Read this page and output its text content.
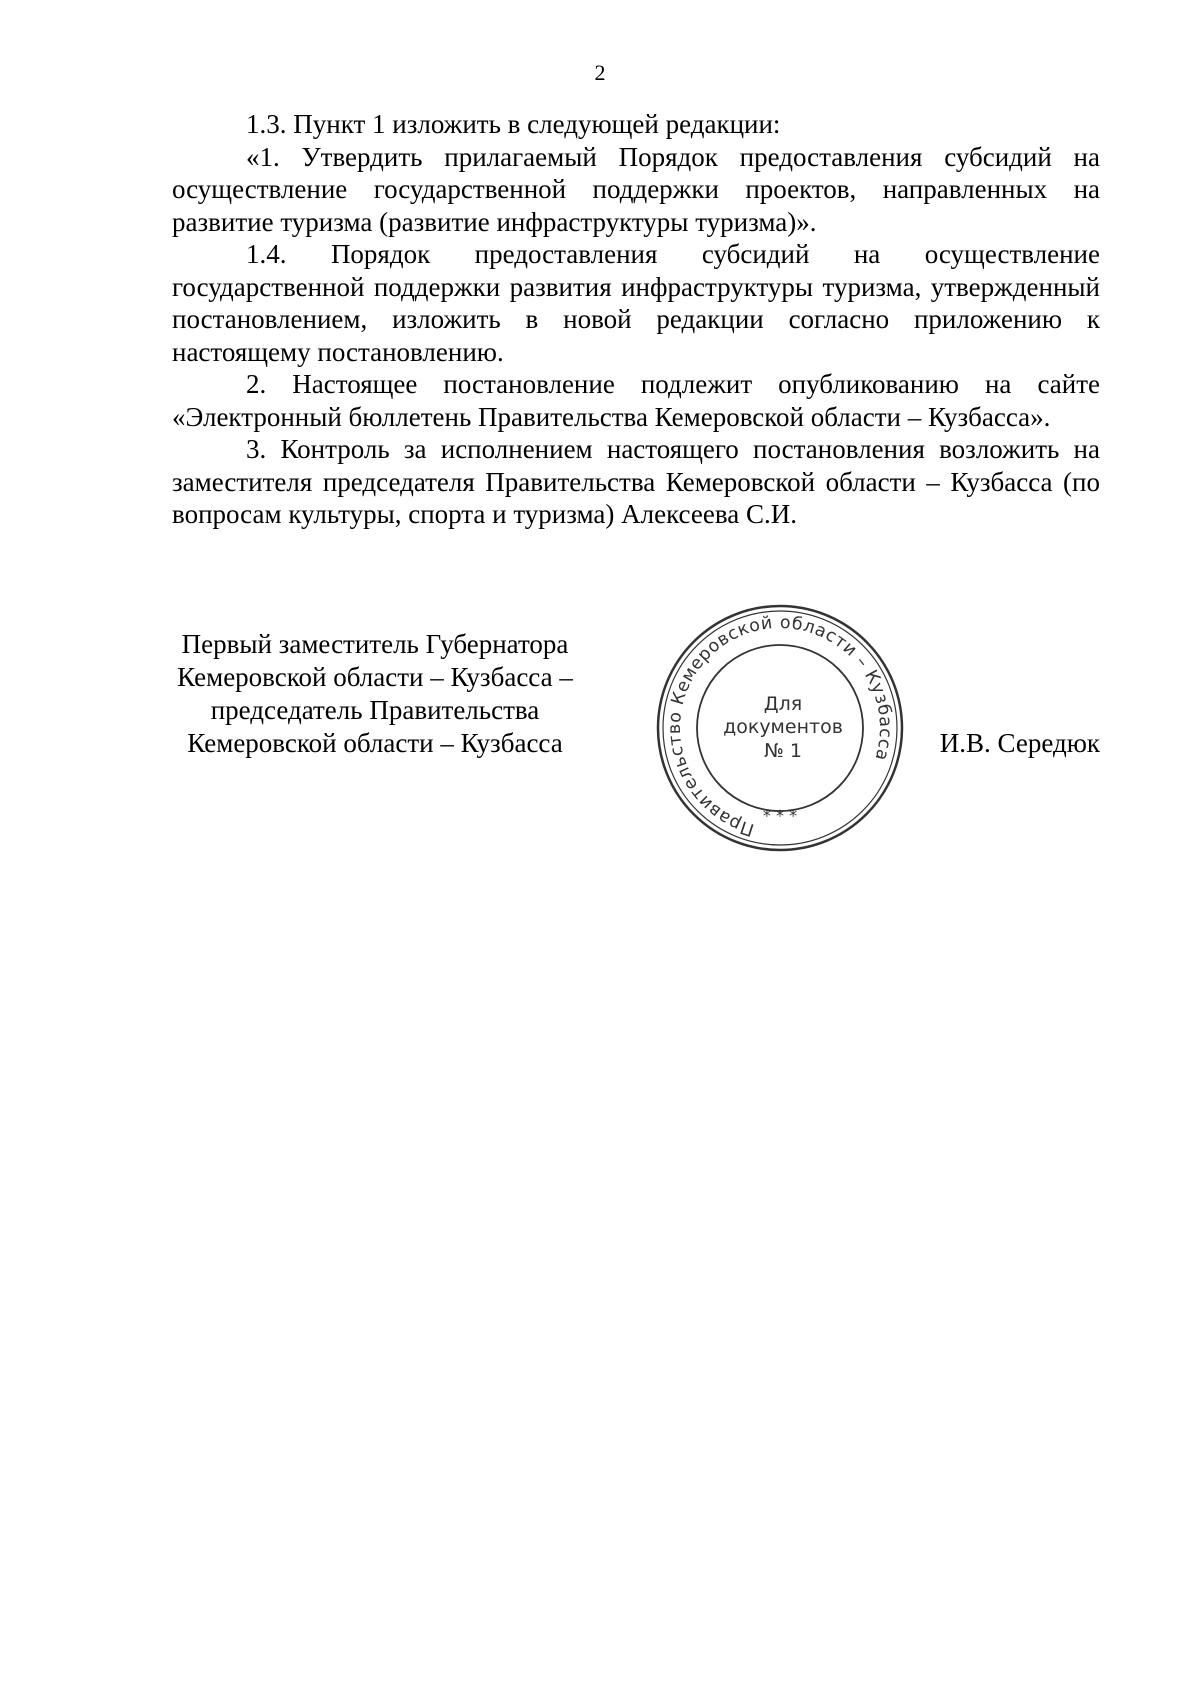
2

1.3. Пункт 1 изложить в следующей редакции:

«1. Утвердить прилагаемый Порядок предоставления субсидий на осуществление государственной поддержки проектов, направленных на развитие туризма (развитие инфраструктуры туризма)».

1.4. Порядок предоставления субсидий на осуществление государственной поддержки развития инфраструктуры туризма, утвержденный постановлением, изложить в новой редакции согласно приложению к настоящему постановлению.

2. Настоящее постановление подлежит опубликованию на сайте «Электронный бюллетень Правительства Кемеровской области – Кузбасса».

3. Контроль за исполнением настоящего постановления возложить на заместителя председателя Правительства Кемеровской области – Кузбасса (по вопросам культуры, спорта и туризма) Алексеева С.И.

Первый заместитель Губернатора
Кемеровской области – Кузбасса –
председатель Правительства
Кемеровской области – Кузбасса
Правительство Кемеровской области – Кузбасса
* * *
Для
документов
№ 1	И.В. Середюк
